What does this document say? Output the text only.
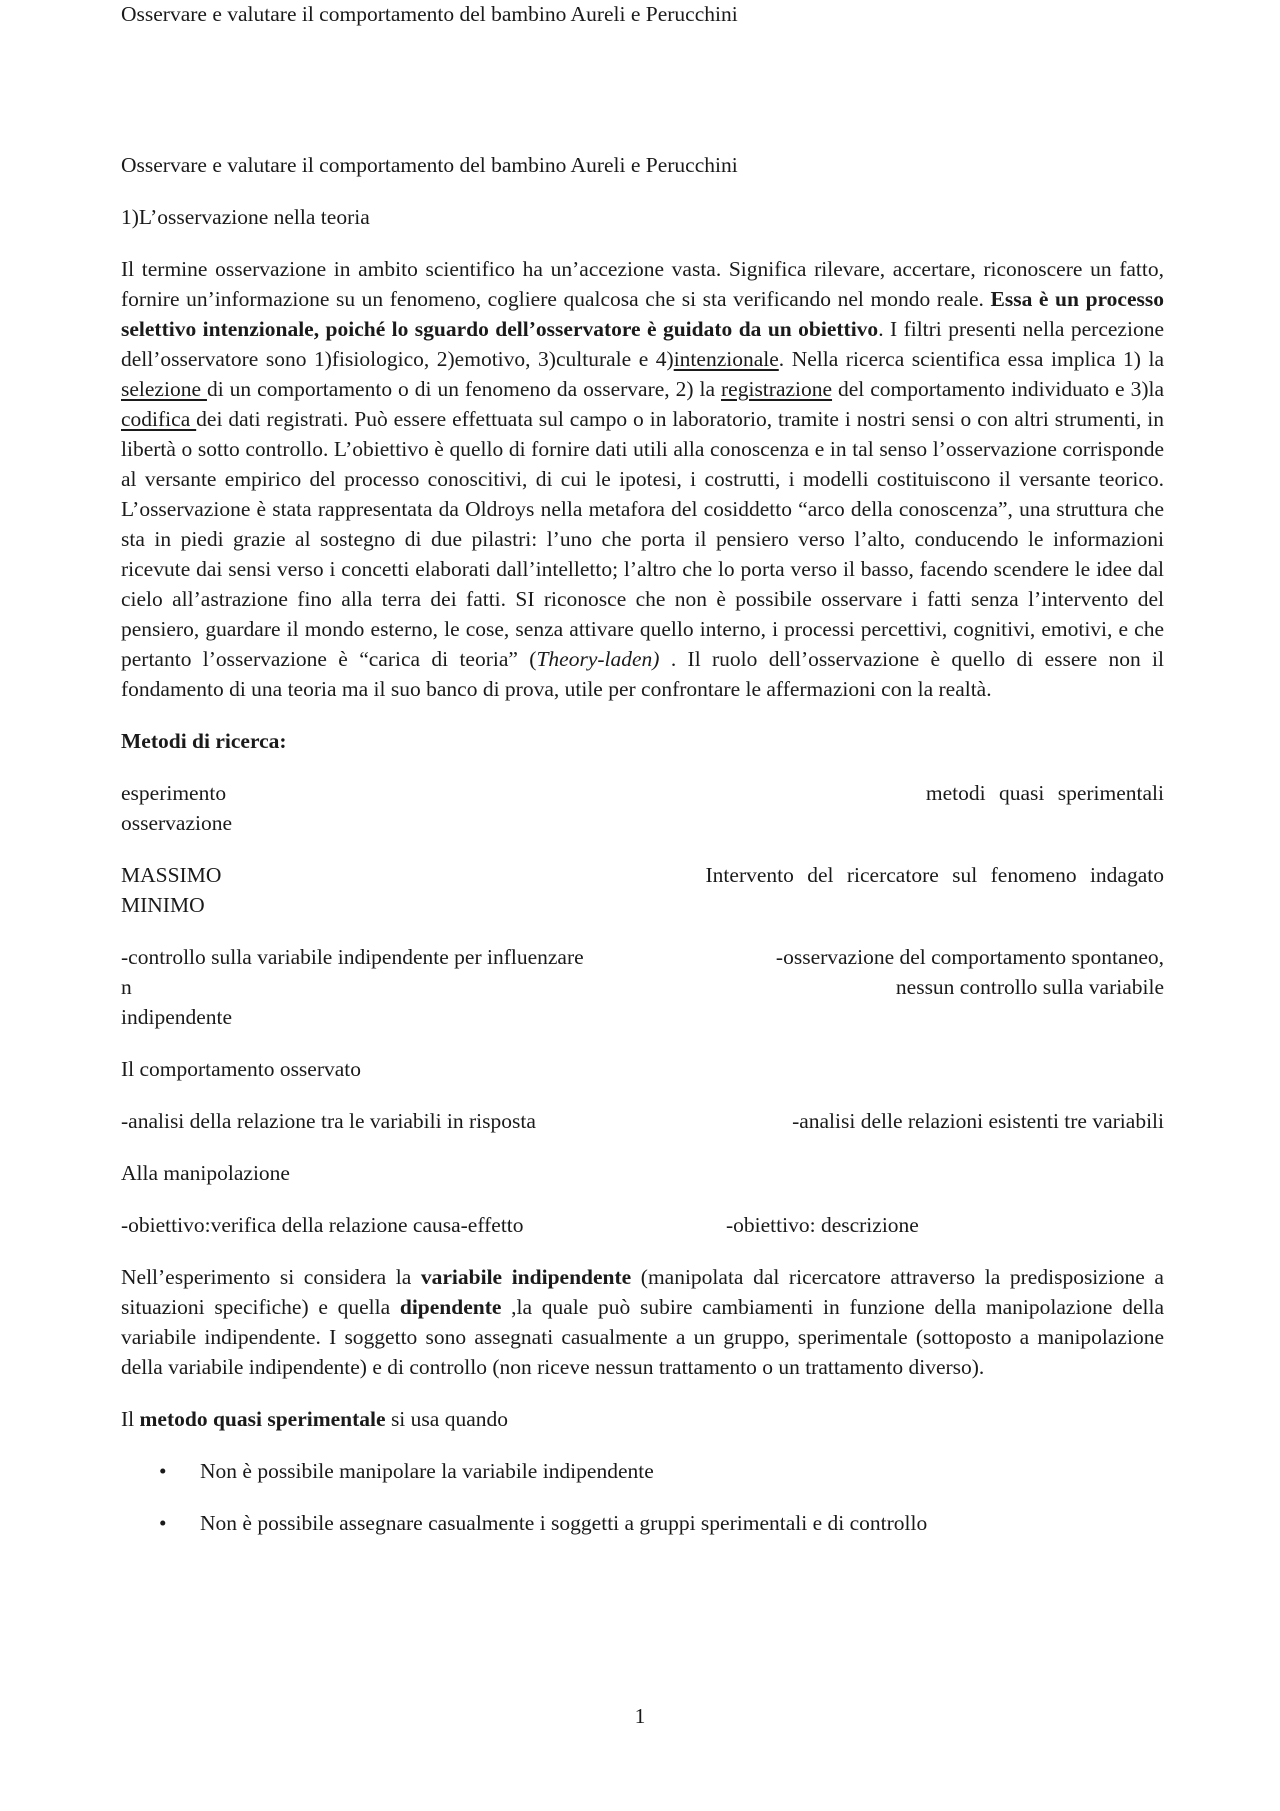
Osservare e valutare il comportamento del bambino Aureli e Perucchini

Osservare e valutare il comportamento del bambino Aureli e Perucchini

1)L’osservazione nella teoria

Il termine osservazione in ambito scientifico ha un’accezione vasta. Significa rilevare, accertare, riconoscere un fatto, fornire un’informazione su un fenomeno, cogliere qualcosa che si sta verificando nel mondo reale. Essa è un processo selettivo intenzionale, poiché lo sguardo dell’osservatore è guidato da un obiettivo. I filtri presenti nella percezione dell’osservatore sono 1)fisiologico, 2)emotivo, 3)culturale e 4)intenzionale. Nella ricerca scientifica essa implica 1) la selezione di un comportamento o di un fenomeno da osservare, 2) la registrazione del comportamento individuato e 3)la codifica dei dati registrati. Può essere effettuata sul campo o in laboratorio, tramite i nostri sensi o con altri strumenti, in libertà o sotto controllo. L’obiettivo è quello di fornire dati utili alla conoscenza e in tal senso l’osservazione corrisponde al versante empirico del processo conoscitivi, di cui le ipotesi, i costrutti, i modelli costituiscono il versante teorico. L’osservazione è stata rappresentata da Oldroys nella metafora del cosiddetto “arco della conoscenza”, una struttura che sta in piedi grazie al sostegno di due pilastri: l’uno che porta il pensiero verso l’alto, conducendo le informazioni ricevute dai sensi verso i concetti elaborati dall’intelletto; l’altro che lo porta verso il basso, facendo scendere le idee dal cielo all’astrazione fino alla terra dei fatti. SI riconosce che non è possibile osservare i fatti senza l’intervento del pensiero, guardare il mondo esterno, le cose, senza attivare quello interno, i processi percettivi, cognitivi, emotivi, e che pertanto l’osservazione è “carica di teoria” (Theory-laden) . Il ruolo dell’osservazione è quello di essere non il fondamento di una teoria ma il suo banco di prova, utile per confrontare le affermazioni con la realtà.

Metodi di ricerca:

esperimento	metodi quasi sperimentali
osservazione
MASSIMO	Intervento del ricercatore sul fenomeno indagato
MINIMO
-controllo sulla variabile indipendente per influenzare	-osservazione del comportamento spontaneo,
n	nessun controllo sulla variabile
indipendente

Il comportamento osservato

-analisi della relazione tra le variabili in risposta	-analisi delle relazioni esistenti tre variabili

Alla manipolazione

-obiettivo:verifica della relazione causa-effetto	-obiettivo: descrizione

Nell’esperimento si considera la variabile indipendente (manipolata dal ricercatore attraverso la predisposizione a situazioni specifiche) e quella dipendente ,la quale può subire cambiamenti in funzione della manipolazione della variabile indipendente. I soggetto sono assegnati casualmente a un gruppo, sperimentale (sottoposto a manipolazione della variabile indipendente) e di controllo (non riceve nessun trattamento o un trattamento diverso).

Il metodo quasi sperimentale si usa quando

• Non è possibile manipolare la variabile indipendente
• Non è possibile assegnare casualmente i soggetti a gruppi sperimentali e di controllo
1
